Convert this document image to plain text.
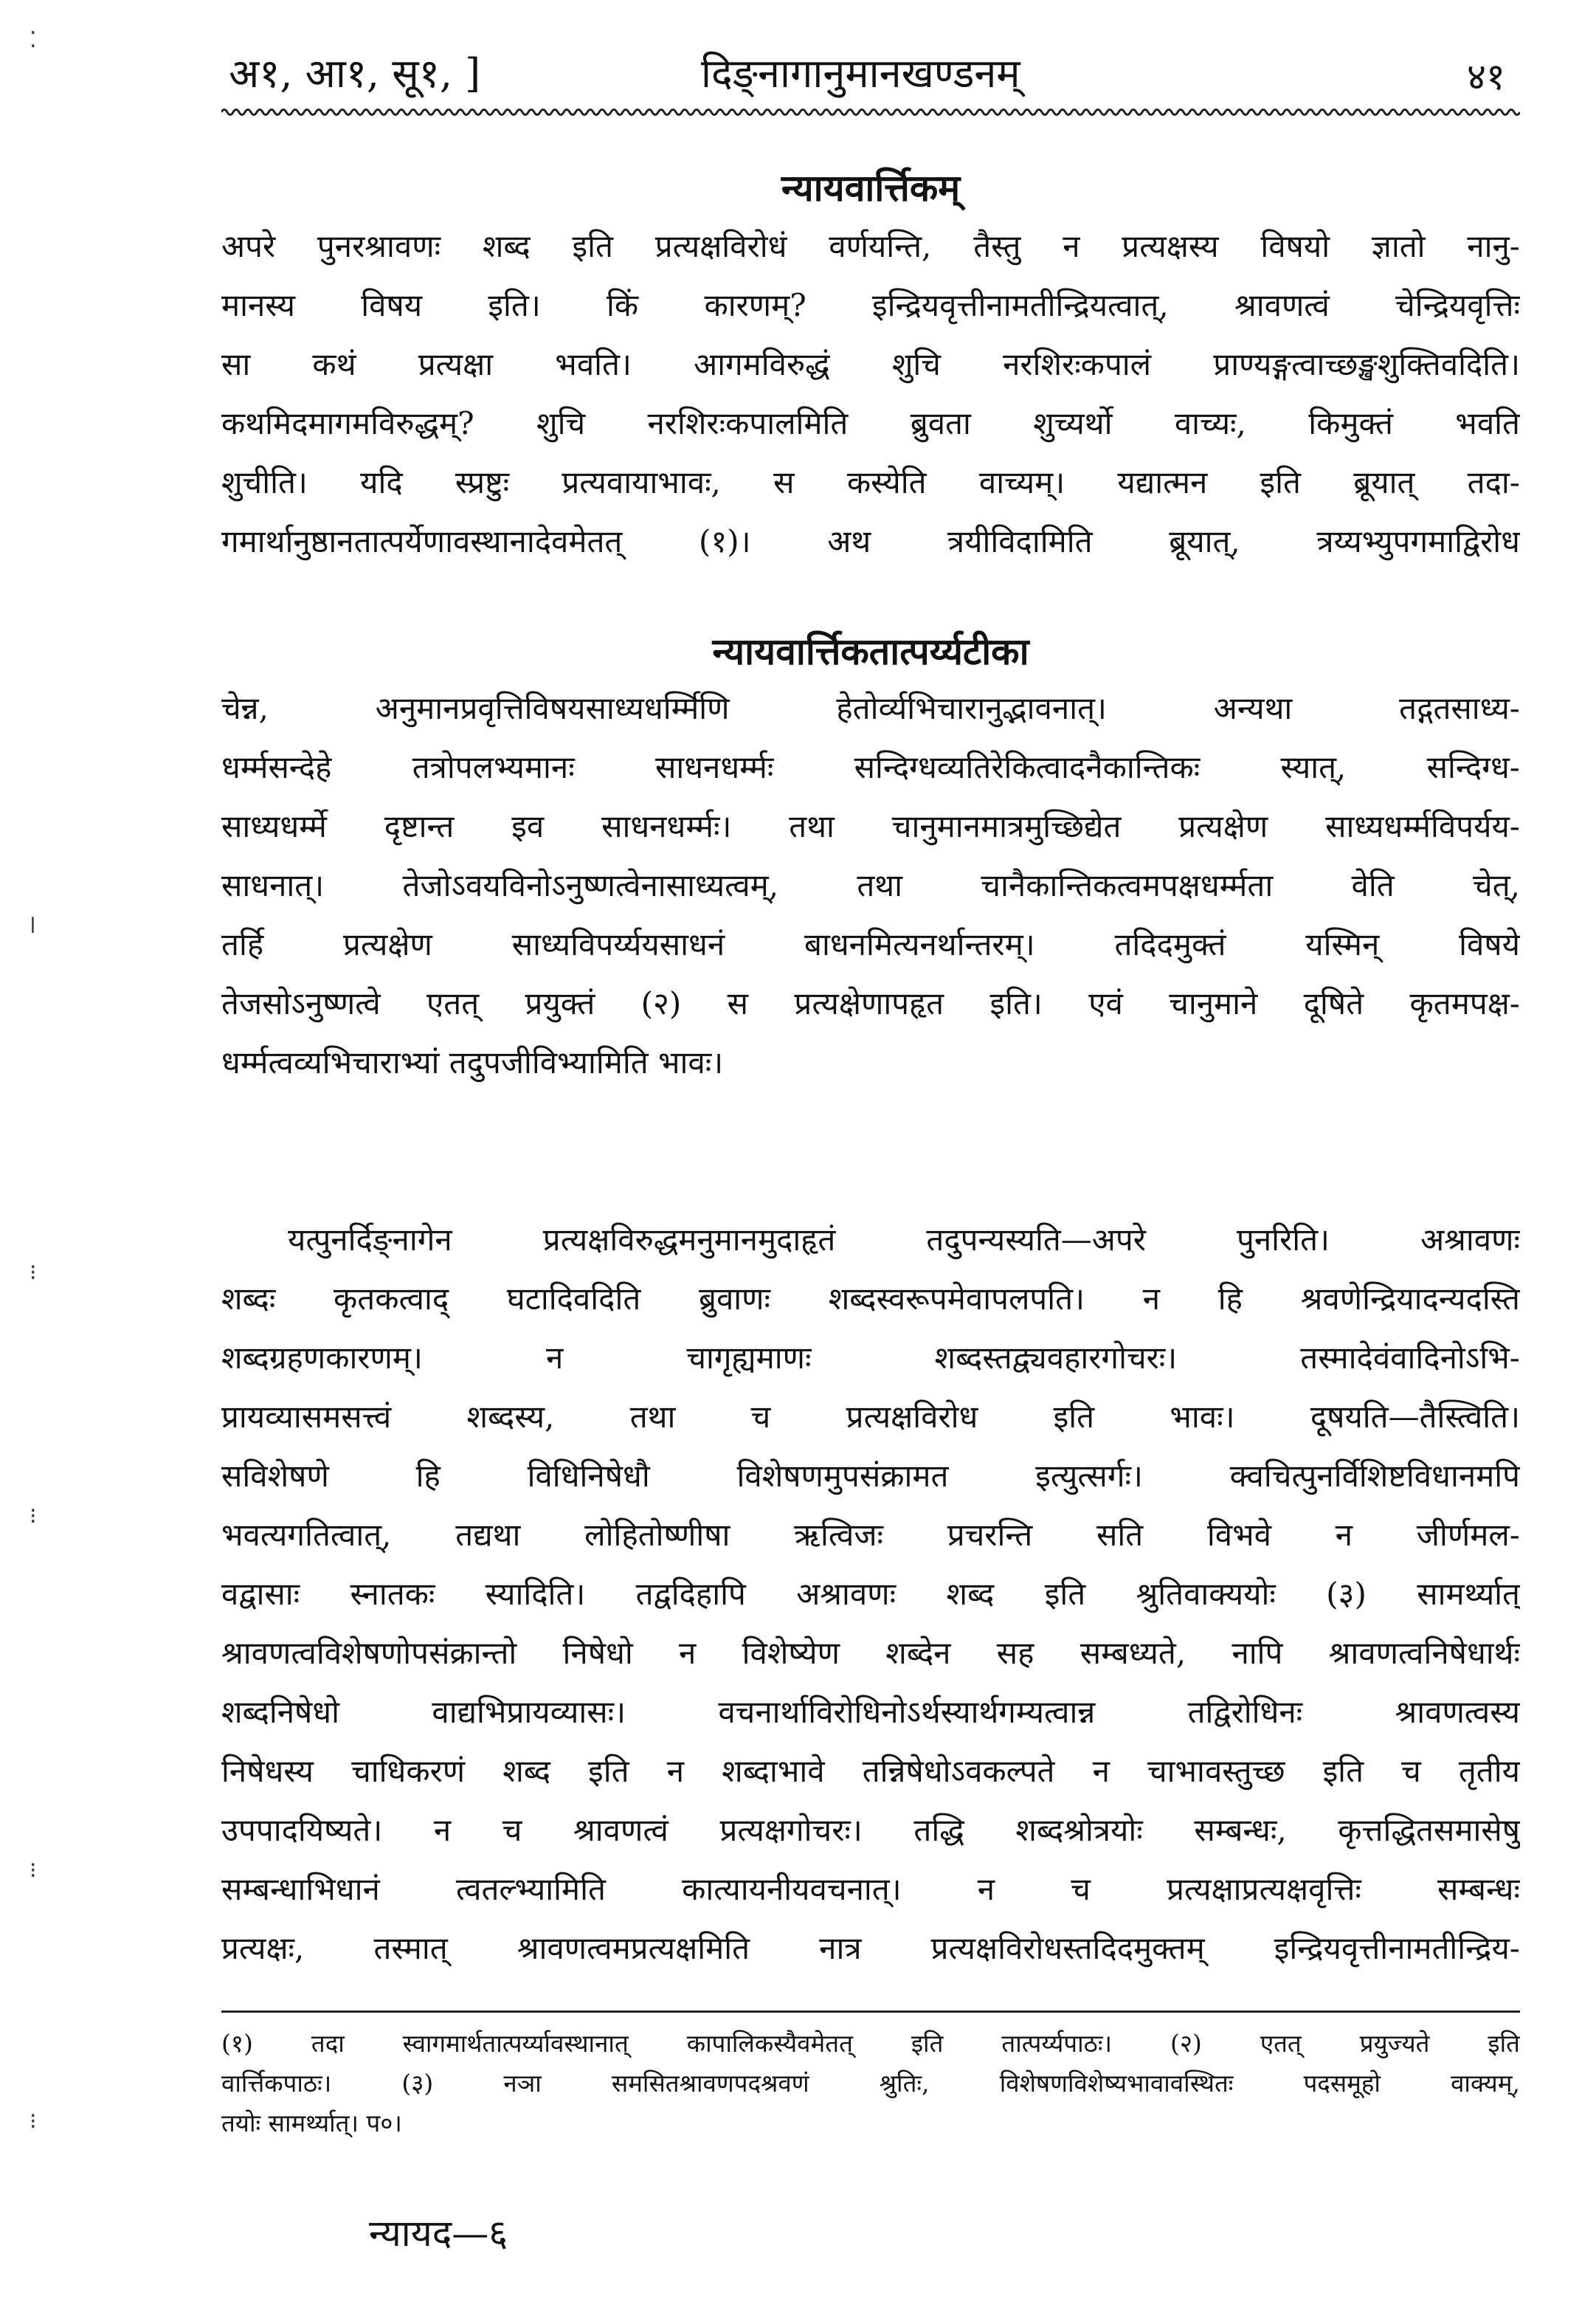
⁚
ǀ
⁝
⁝
⁝
⁝
अ१, आ१, सू१, ]	दिङ्नागानुमानखण्डनम्	४१
न्यायवार्त्तिकम्
अपरे पुनरश्रावणः शब्द इति प्रत्यक्षविरोधं वर्णयन्ति, तैस्तु न प्रत्यक्षस्य विषयो ज्ञातो नानु-
मानस्य विषय इति। किं कारणम्? इन्द्रियवृत्तीनामतीन्द्रियत्वात्, श्रावणत्वं चेन्द्रियवृत्तिः
सा कथं प्रत्यक्षा भवति। आगमविरुद्धं शुचि नरशिरःकपालं प्राण्यङ्गत्वाच्छङ्खशुक्तिवदिति।
कथमिदमागमविरुद्धम्? शुचि नरशिरःकपालमिति ब्रुवता शुच्यर्थो वाच्यः, किमुक्तं भवति
शुचीति। यदि स्प्रष्टुः प्रत्यवायाभावः, स कस्येति वाच्यम्। यद्यात्मन इति ब्रूयात् तदा-
गमार्थानुष्ठानतात्पर्येणावस्थानादेवमेतत् (१)। अथ त्रयीविदामिति ब्रूयात्, त्रय्यभ्युपगमाद्विरोध
न्यायवार्त्तिकतात्पर्य्यटीका
चेन्न, अनुमानप्रवृत्तिविषयसाध्यधर्म्मिणि हेतोर्व्यभिचारानुद्भावनात्। अन्यथा तद्गतसाध्य-
धर्म्मसन्देहे तत्रोपलभ्यमानः साधनधर्म्मः सन्दिग्धव्यतिरेकित्वादनैकान्तिकः स्यात्, सन्दिग्ध-
साध्यधर्म्मे दृष्टान्त इव साधनधर्म्मः। तथा चानुमानमात्रमुच्छिद्येत प्रत्यक्षेण साध्यधर्म्मविपर्यय-
साधनात्। तेजोऽवयविनोऽनुष्णत्वेनासाध्यत्वम्, तथा चानैकान्तिकत्वमपक्षधर्म्मता वेति चेत्,
तर्हि प्रत्यक्षेण साध्यविपर्य्ययसाधनं बाधनमित्यनर्थान्तरम्। तदिदमुक्तं यस्मिन् विषये
तेजसोऽनुष्णत्वे एतत् प्रयुक्तं (२) स प्रत्यक्षेणापहृत इति। एवं चानुमाने दूषिते कृतमपक्ष-
धर्म्मत्वव्यभिचाराभ्यां तदुपजीविभ्यामिति भावः।
यत्पुनर्दिङ्नागेन प्रत्यक्षविरुद्धमनुमानमुदाहृतं तदुपन्यस्यति—अपरे पुनरिति। अश्रावणः
शब्दः कृतकत्वाद् घटादिवदिति ब्रुवाणः शब्दस्वरूपमेवापलपति। न हि श्रवणेन्द्रियादन्यदस्ति
शब्दग्रहणकारणम्। न चागृह्यमाणः शब्दस्तद्व्यवहारगोचरः। तस्मादेवंवादिनोऽभि-
प्रायव्यासमसत्त्वं शब्दस्य, तथा च प्रत्यक्षविरोध इति भावः। दूषयति—तैस्त्विति।
सविशेषणे हि विधिनिषेधौ विशेषणमुपसंक्रामत इत्युत्सर्गः। क्वचित्पुनर्विशिष्टविधानमपि
भवत्यगतित्वात्, तद्यथा लोहितोष्णीषा ऋत्विजः प्रचरन्ति सति विभवे न जीर्णमल-
वद्वासाः स्नातकः स्यादिति। तद्वदिहापि अश्रावणः शब्द इति श्रुतिवाक्ययोः (३) सामर्थ्यात्
श्रावणत्वविशेषणोपसंक्रान्तो निषेधो न विशेष्येण शब्देन सह सम्बध्यते, नापि श्रावणत्वनिषेधार्थः
शब्दनिषेधो वाद्यभिप्रायव्यासः। वचनार्थाविरोधिनोऽर्थस्यार्थगम्यत्वान्न तद्विरोधिनः श्रावणत्वस्य
निषेधस्य चाधिकरणं शब्द इति न शब्दाभावे तन्निषेधोऽवकल्पते न चाभावस्तुच्छ इति च तृतीय
उपपादयिष्यते। न च श्रावणत्वं प्रत्यक्षगोचरः। तद्धि शब्दश्रोत्रयोः सम्बन्धः, कृत्तद्धितसमासेषु
सम्बन्धाभिधानं त्वतल्भ्यामिति कात्यायनीयवचनात्। न च प्रत्यक्षाप्रत्यक्षवृत्तिः सम्बन्धः
प्रत्यक्षः, तस्मात् श्रावणत्वमप्रत्यक्षमिति नात्र प्रत्यक्षविरोधस्तदिदमुक्तम् इन्द्रियवृत्तीनामतीन्द्रिय-
(१) तदा स्वागमार्थतात्पर्य्यावस्थानात् कापालिकस्यैवमेतत् इति तात्पर्य्यपाठः। (२) एतत् प्रयुज्यते इति
वार्त्तिकपाठः। (३) नञा समसितश्रावणपदश्रवणं श्रुतिः, विशेषणविशेष्यभावावस्थितः पदसमूहो वाक्यम्,
तयोः सामर्थ्यात्। प०।
न्यायद—६
